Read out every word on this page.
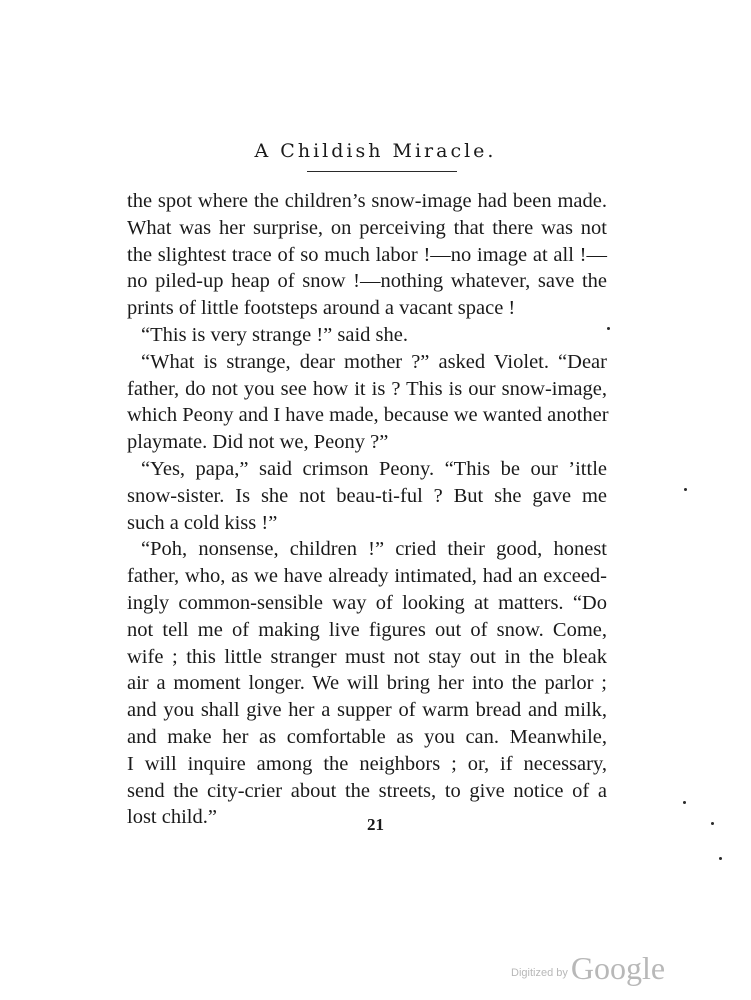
A Childish Miracle.
the spot where the children’s snow-image had been made.
What was her surprise, on perceiving that there was not
the slightest trace of so much labor !—no image at all !—
no piled-up heap of snow !—nothing whatever, save the
prints of little footsteps around a vacant space !
“This is very strange !” said she.
“What is strange, dear mother ?” asked Violet. “Dear
father, do not you see how it is ? This is our snow-image,
which Peony and I have made, because we wanted another
playmate. Did not we, Peony ?”
“Yes, papa,” said crimson Peony. “This be our ’ittle
snow-sister. Is she not beau-ti-ful ? But she gave me
such a cold kiss !”
“Poh, nonsense, children !” cried their good, honest
father, who, as we have already intimated, had an exceed-
ingly common-sensible way of looking at matters. “Do
not tell me of making live figures out of snow. Come,
wife ; this little stranger must not stay out in the bleak
air a moment longer. We will bring her into the parlor ;
and you shall give her a supper of warm bread and milk,
and make her as comfortable as you can. Meanwhile,
I will inquire among the neighbors ; or, if necessary,
send the city-crier about the streets, to give notice of a
lost child.”	21
Digitized byGoogle
